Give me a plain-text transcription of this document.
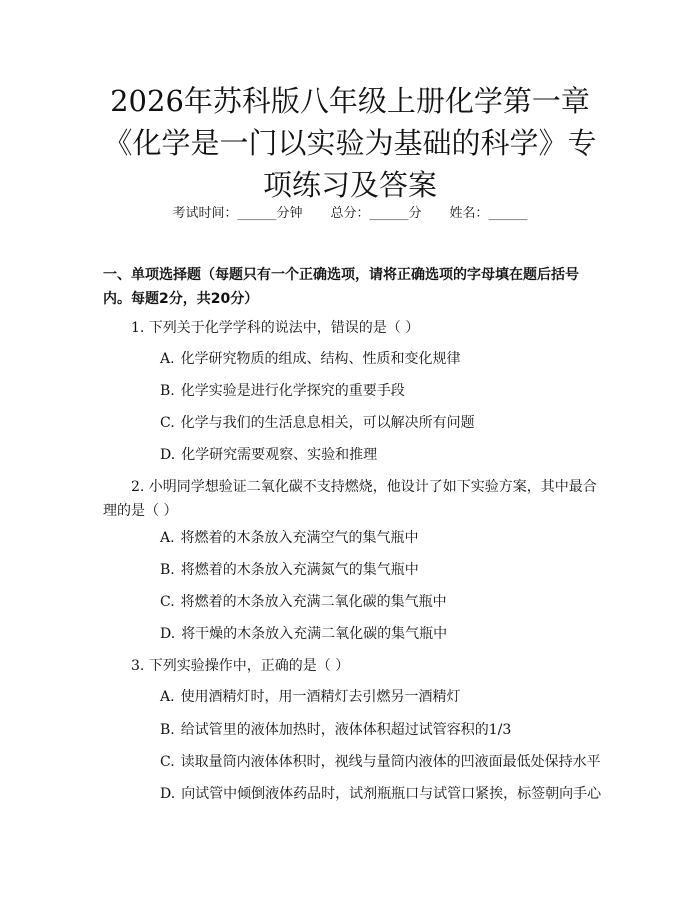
2026年苏科版八年级上册化学第一章《化学是一门以实验为基础的科学》专项练习及答案
考试时间：______分钟 总分：______分 姓名：______
一、单项选择题（每题只有一个正确选项，请将正确选项的字母填在题后括号内。每题2分，共20分）
1. 下列关于化学学科的说法中，错误的是（ ）
A. 化学研究物质的组成、结构、性质和变化规律
B. 化学实验是进行化学探究的重要手段
C. 化学与我们的生活息息相关，可以解决所有问题
D. 化学研究需要观察、实验和推理
2. 小明同学想验证二氧化碳不支持燃烧，他设计了如下实验方案，其中最合理的是（ ）
A. 将燃着的木条放入充满空气的集气瓶中
B. 将燃着的木条放入充满氮气的集气瓶中
C. 将燃着的木条放入充满二氧化碳的集气瓶中
D. 将干燥的木条放入充满二氧化碳的集气瓶中
3. 下列实验操作中，正确的是（ ）
A. 使用酒精灯时，用一酒精灯去引燃另一酒精灯
B. 给试管里的液体加热时，液体体积超过试管容积的1/3
C. 读取量筒内液体体积时，视线与量筒内液体的凹液面最低处保持水平
D. 向试管中倾倒液体药品时，试剂瓶瓶口与试管口紧挨，标签朝向手心
